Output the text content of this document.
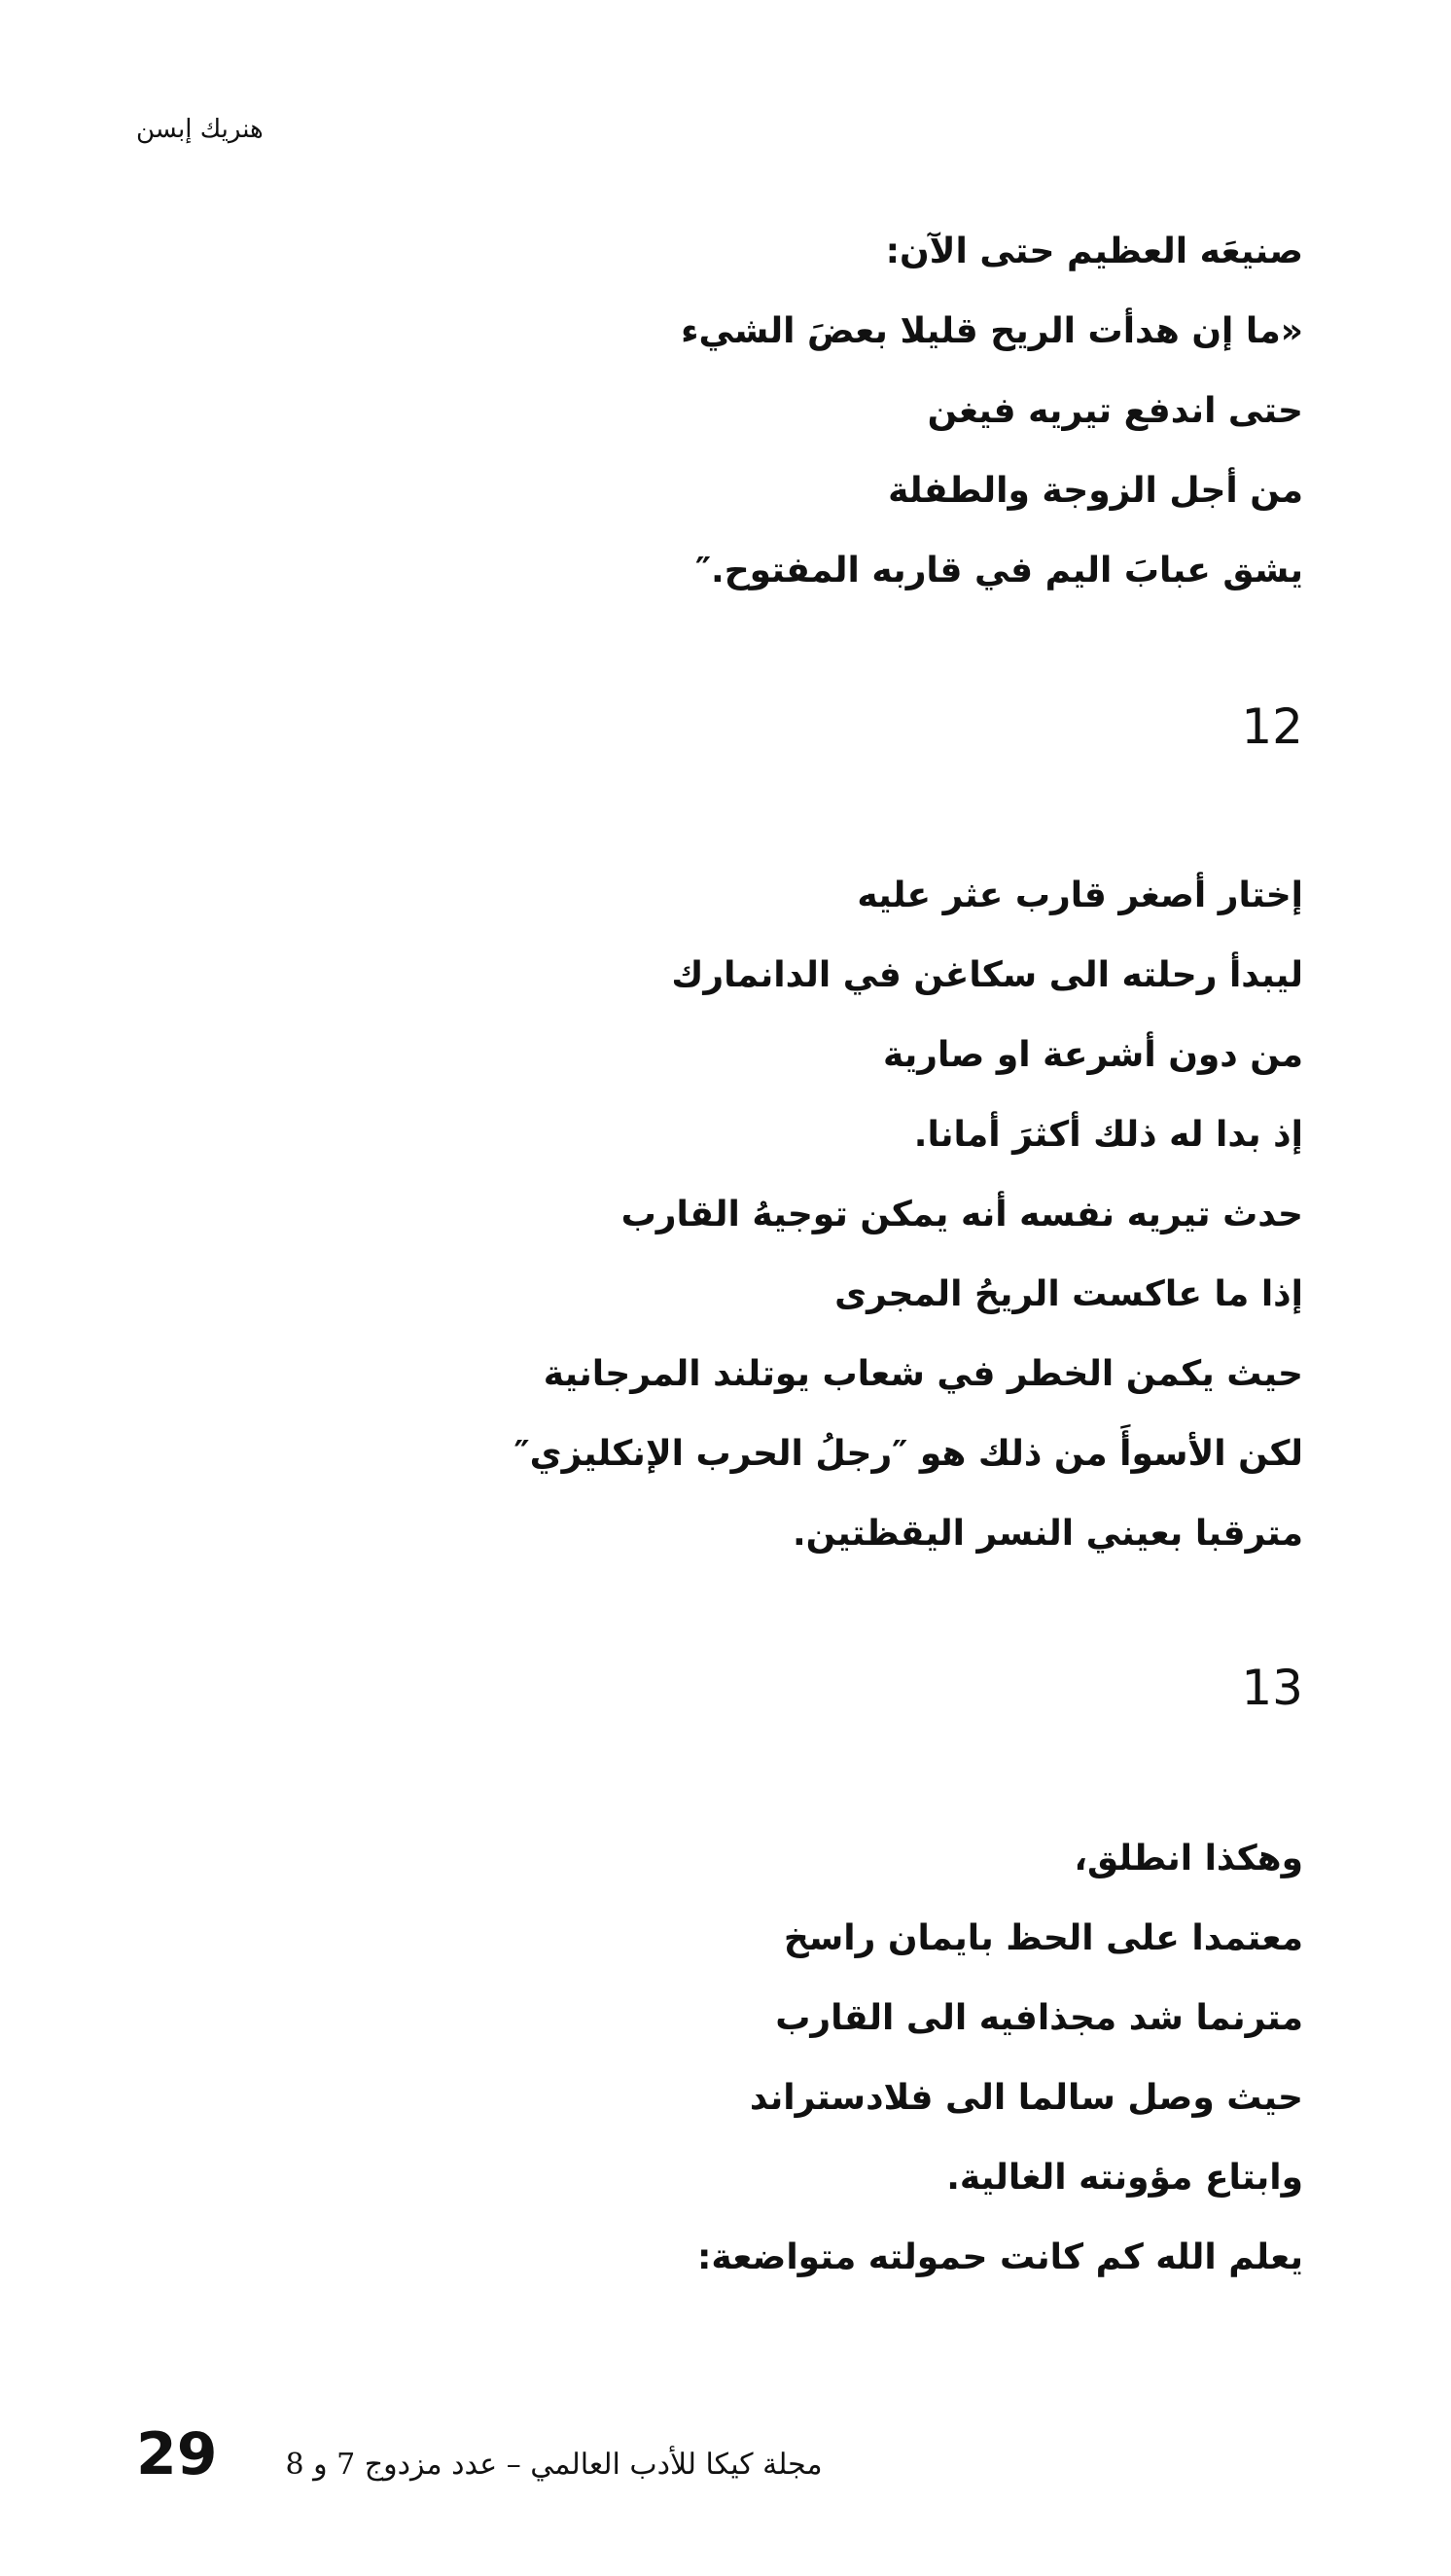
هنريك إبسن
صنيعَه العظيم حتى الآن:
«ما إن هدأت الريح قليلا بعضَ الشيء
حتى اندفع تيريه فيغن
من أجل الزوجة والطفلة
يشق عبابَ اليم في قاربه المفتوح.″
12
إختار أصغر قارب عثر عليه
ليبدأ رحلته الى سكاغن في الدانمارك
من دون أشرعة او صارية
إذ بدا له ذلك أكثرَ أمانا.
حدث تيريه نفسه أنه يمكن توجيهُ القارب
إذا ما عاكست الريحُ المجرى
حيث يكمن الخطر في شعاب يوتلند المرجانية
لكن الأسوأَ من ذلك هو ″رجلُ الحرب الإنكليزي″
مترقبا بعيني النسر اليقظتين.
13
وهكذا انطلق،
معتمدا على الحظ بايمان راسخ
مترنما شد مجذافيه الى القارب
حيث وصل سالما الى فلادستراند
وابتاع مؤونته الغالية.
يعلم الله كم كانت حمولته متواضعة:
29 مجلة كيكا للأدب العالمي – عدد مزدوج 7 و 8
